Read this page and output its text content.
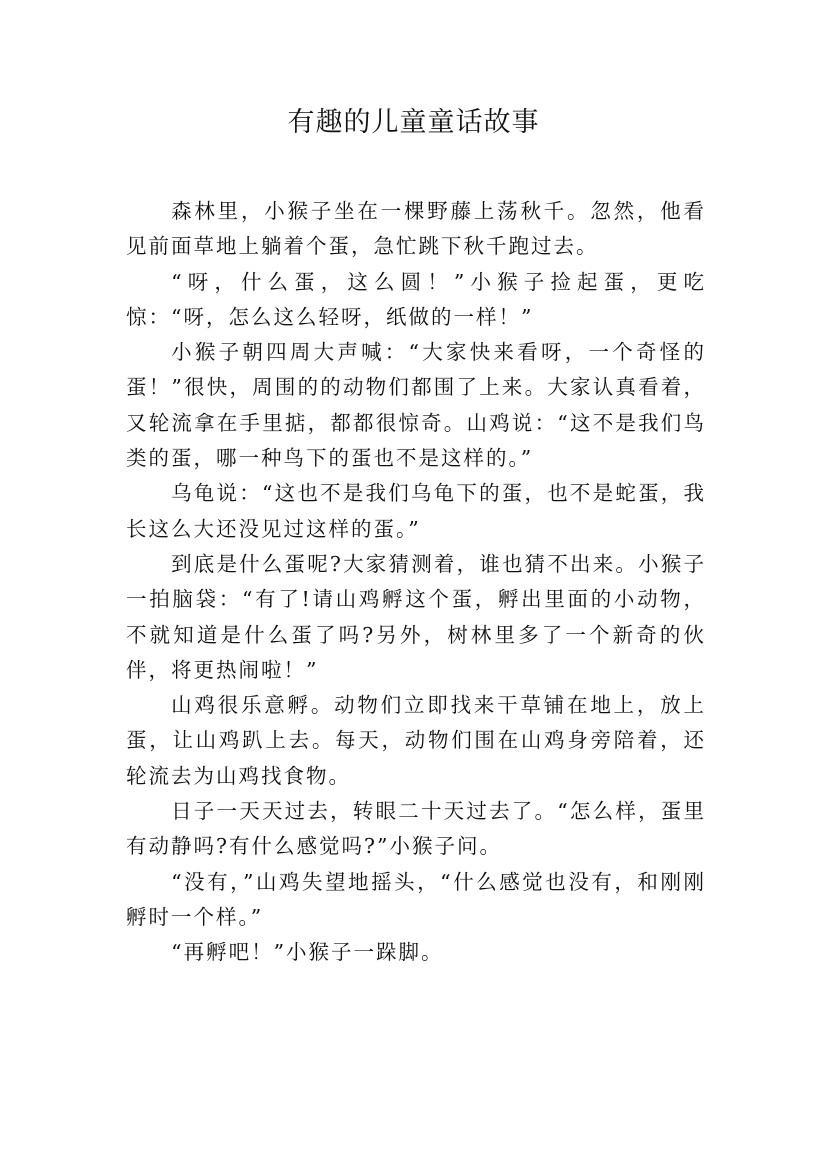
有趣的儿童童话故事

森林里，小猴子坐在一棵野藤上荡秋千。忽然，他看见前面草地上躺着个蛋，急忙跳下秋千跑过去。

“呀，什么蛋，这么圆！”小猴子捡起蛋，更吃惊：“呀，怎么这么轻呀，纸做的一样！”

小猴子朝四周大声喊：“大家快来看呀，一个奇怪的蛋！”很快，周围的的动物们都围了上来。大家认真看着，又轮流拿在手里掂，都都很惊奇。山鸡说：“这不是我们鸟类的蛋，哪一种鸟下的蛋也不是这样的。”

乌龟说：“这也不是我们乌龟下的蛋，也不是蛇蛋，我长这么大还没见过这样的蛋。”

到底是什么蛋呢?大家猜测着，谁也猜不出来。小猴子一拍脑袋：“有了!请山鸡孵这个蛋，孵出里面的小动物，不就知道是什么蛋了吗?另外，树林里多了一个新奇的伙伴，将更热闹啦！”

山鸡很乐意孵。动物们立即找来干草铺在地上，放上蛋，让山鸡趴上去。每天，动物们围在山鸡身旁陪着，还轮流去为山鸡找食物。

日子一天天过去，转眼二十天过去了。“怎么样，蛋里有动静吗?有什么感觉吗?”小猴子问。

“没有，”山鸡失望地摇头，“什么感觉也没有，和刚刚孵时一个样。”

“再孵吧！”小猴子一跺脚。
